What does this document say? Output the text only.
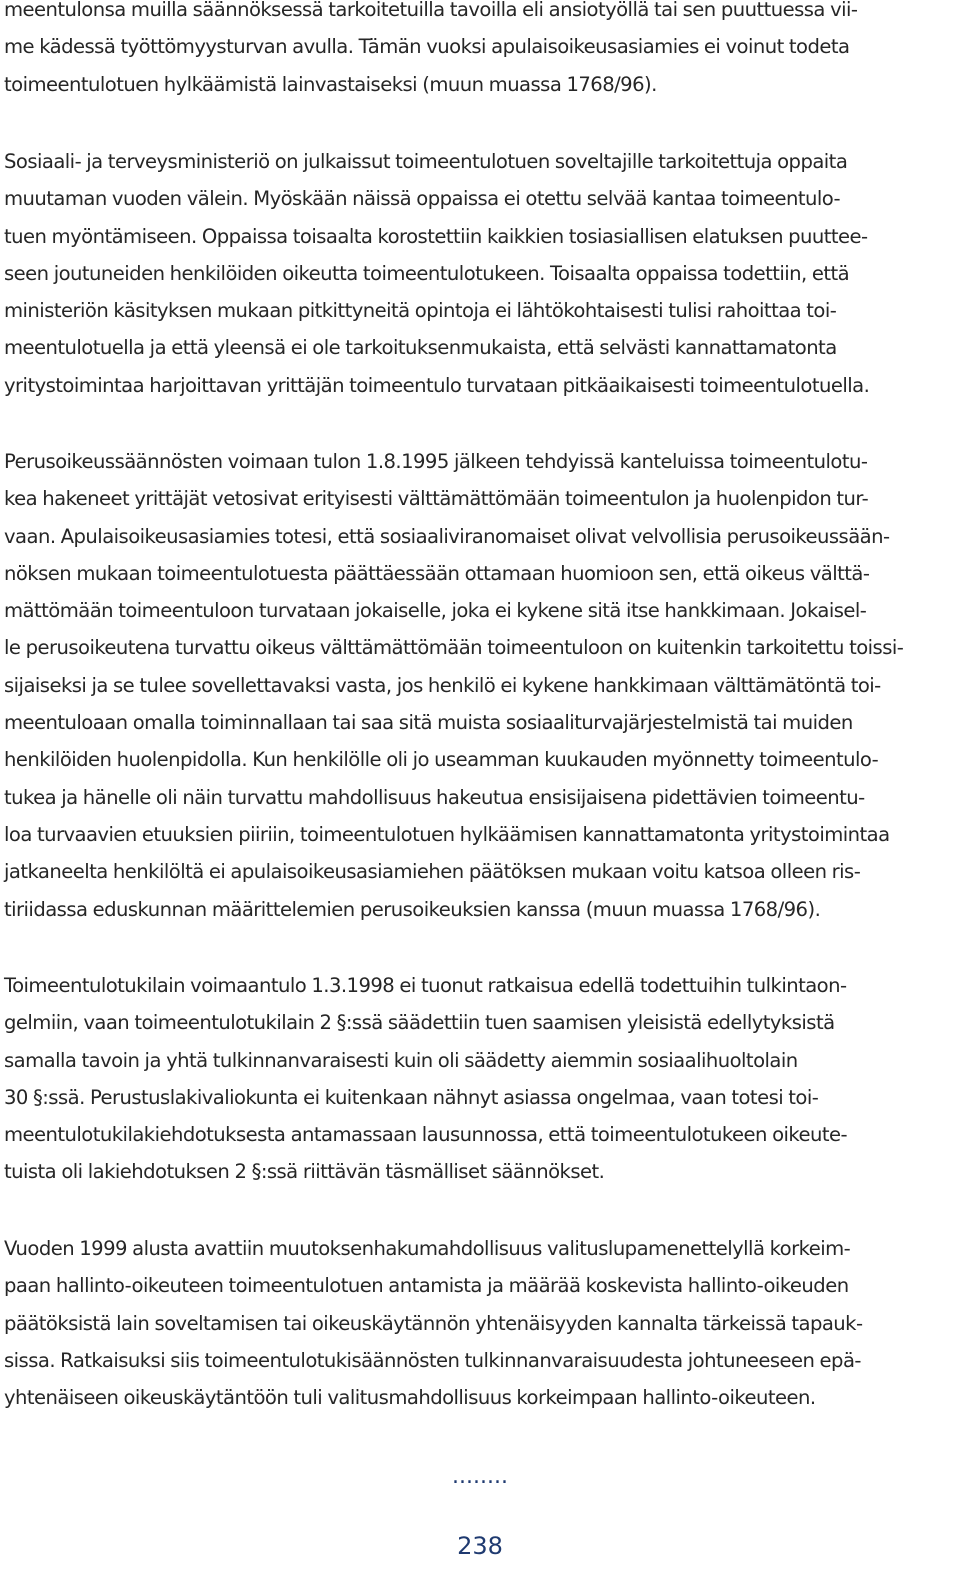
meentulonsa muilla säännöksessä tarkoitetuilla tavoilla eli ansiotyöllä tai sen puuttuessa vii-
me kädessä työttömyysturvan avulla. Tämän vuoksi apulaisoikeusasiamies ei voinut todeta
toimeentulotuen hylkäämistä lainvastaiseksi (muun muassa 1768/96).

Sosiaali- ja terveysministeriö on julkaissut toimeentulotuen soveltajille tarkoitettuja oppaita
muutaman vuoden välein. Myöskään näissä oppaissa ei otettu selvää kantaa toimeentulo-
tuen myöntämiseen. Oppaissa toisaalta korostettiin kaikkien tosiasiallisen elatuksen puuttee-
seen joutuneiden henkilöiden oikeutta toimeentulotukeen. Toisaalta oppaissa todettiin, että
ministeriön käsityksen mukaan pitkittyneitä opintoja ei lähtökohtaisesti tulisi rahoittaa toi-
meentulotuella ja että yleensä ei ole tarkoituksenmukaista, että selvästi kannattamatonta
yritystoimintaa harjoittavan yrittäjän toimeentulo turvataan pitkäaikaisesti toimeentulotuella.

Perusoikeussäännösten voimaan tulon 1.8.1995 jälkeen tehdyissä kanteluissa toimeentulotu-
kea hakeneet yrittäjät vetosivat erityisesti välttämättömään toimeentulon ja huolenpidon tur-
vaan. Apulaisoikeusasiamies totesi, että sosiaaliviranomaiset olivat velvollisia perusoikeussään-
nöksen mukaan toimeentulotuesta päättäessään ottamaan huomioon sen, että oikeus välttä-
mättömään toimeentuloon turvataan jokaiselle, joka ei kykene sitä itse hankkimaan. Jokaisel-
le perusoikeutena turvattu oikeus välttämättömään toimeentuloon on kuitenkin tarkoitettu toissi-
sijaiseksi ja se tulee sovellettavaksi vasta, jos henkilö ei kykene hankkimaan välttämätöntä toi-
meentuloaan omalla toiminnallaan tai saa sitä muista sosiaaliturvajärjestelmistä tai muiden
henkilöiden huolenpidolla. Kun henkilölle oli jo useamman kuukauden myönnetty toimeentulo-
tukea ja hänelle oli näin turvattu mahdollisuus hakeutua ensisijaisena pidettävien toimeentu-
loa turvaavien etuuksien piiriin, toimeentulotuen hylkäämisen kannattamatonta yritystoimintaa
jatkaneelta henkilöltä ei apulaisoikeusasiamiehen päätöksen mukaan voitu katsoa olleen ris-
tiriidassa eduskunnan määrittelemien perusoikeuksien kanssa (muun muassa 1768/96).

Toimeentulotukilain voimaantulo 1.3.1998 ei tuonut ratkaisua edellä todettuihin tulkintaon-
gelmiin, vaan toimeentulotukilain 2 §:ssä säädettiin tuen saamisen yleisistä edellytyksistä
samalla tavoin ja yhtä tulkinnanvaraisesti kuin oli säädetty aiemmin sosiaalihuoltolain
30 §:ssä. Perustuslakivaliokunta ei kuitenkaan nähnyt asiassa ongelmaa, vaan totesi toi-
meentulotukilakiehdotuksesta antamassaan lausunnossa, että toimeentulotukeen oikeute-
tuista oli lakiehdotuksen 2 §:ssä riittävän täsmälliset säännökset.

Vuoden 1999 alusta avattiin muutoksenhakumahdollisuus valituslupamenettelyllä korkeim-
paan hallinto-oikeuteen toimeentulotuen antamista ja määrää koskevista hallinto-oikeuden
päätöksistä lain soveltamisen tai oikeuskäytännön yhtenäisyyden kannalta tärkeissä tapauk-
sissa. Ratkaisuksi siis toimeentulotukisäännösten tulkinnanvaraisuudesta johtuneeseen epä-
yhtenäiseen oikeuskäytäntöön tuli valitusmahdollisuus korkeimpaan hallinto-oikeuteen.

........
238
